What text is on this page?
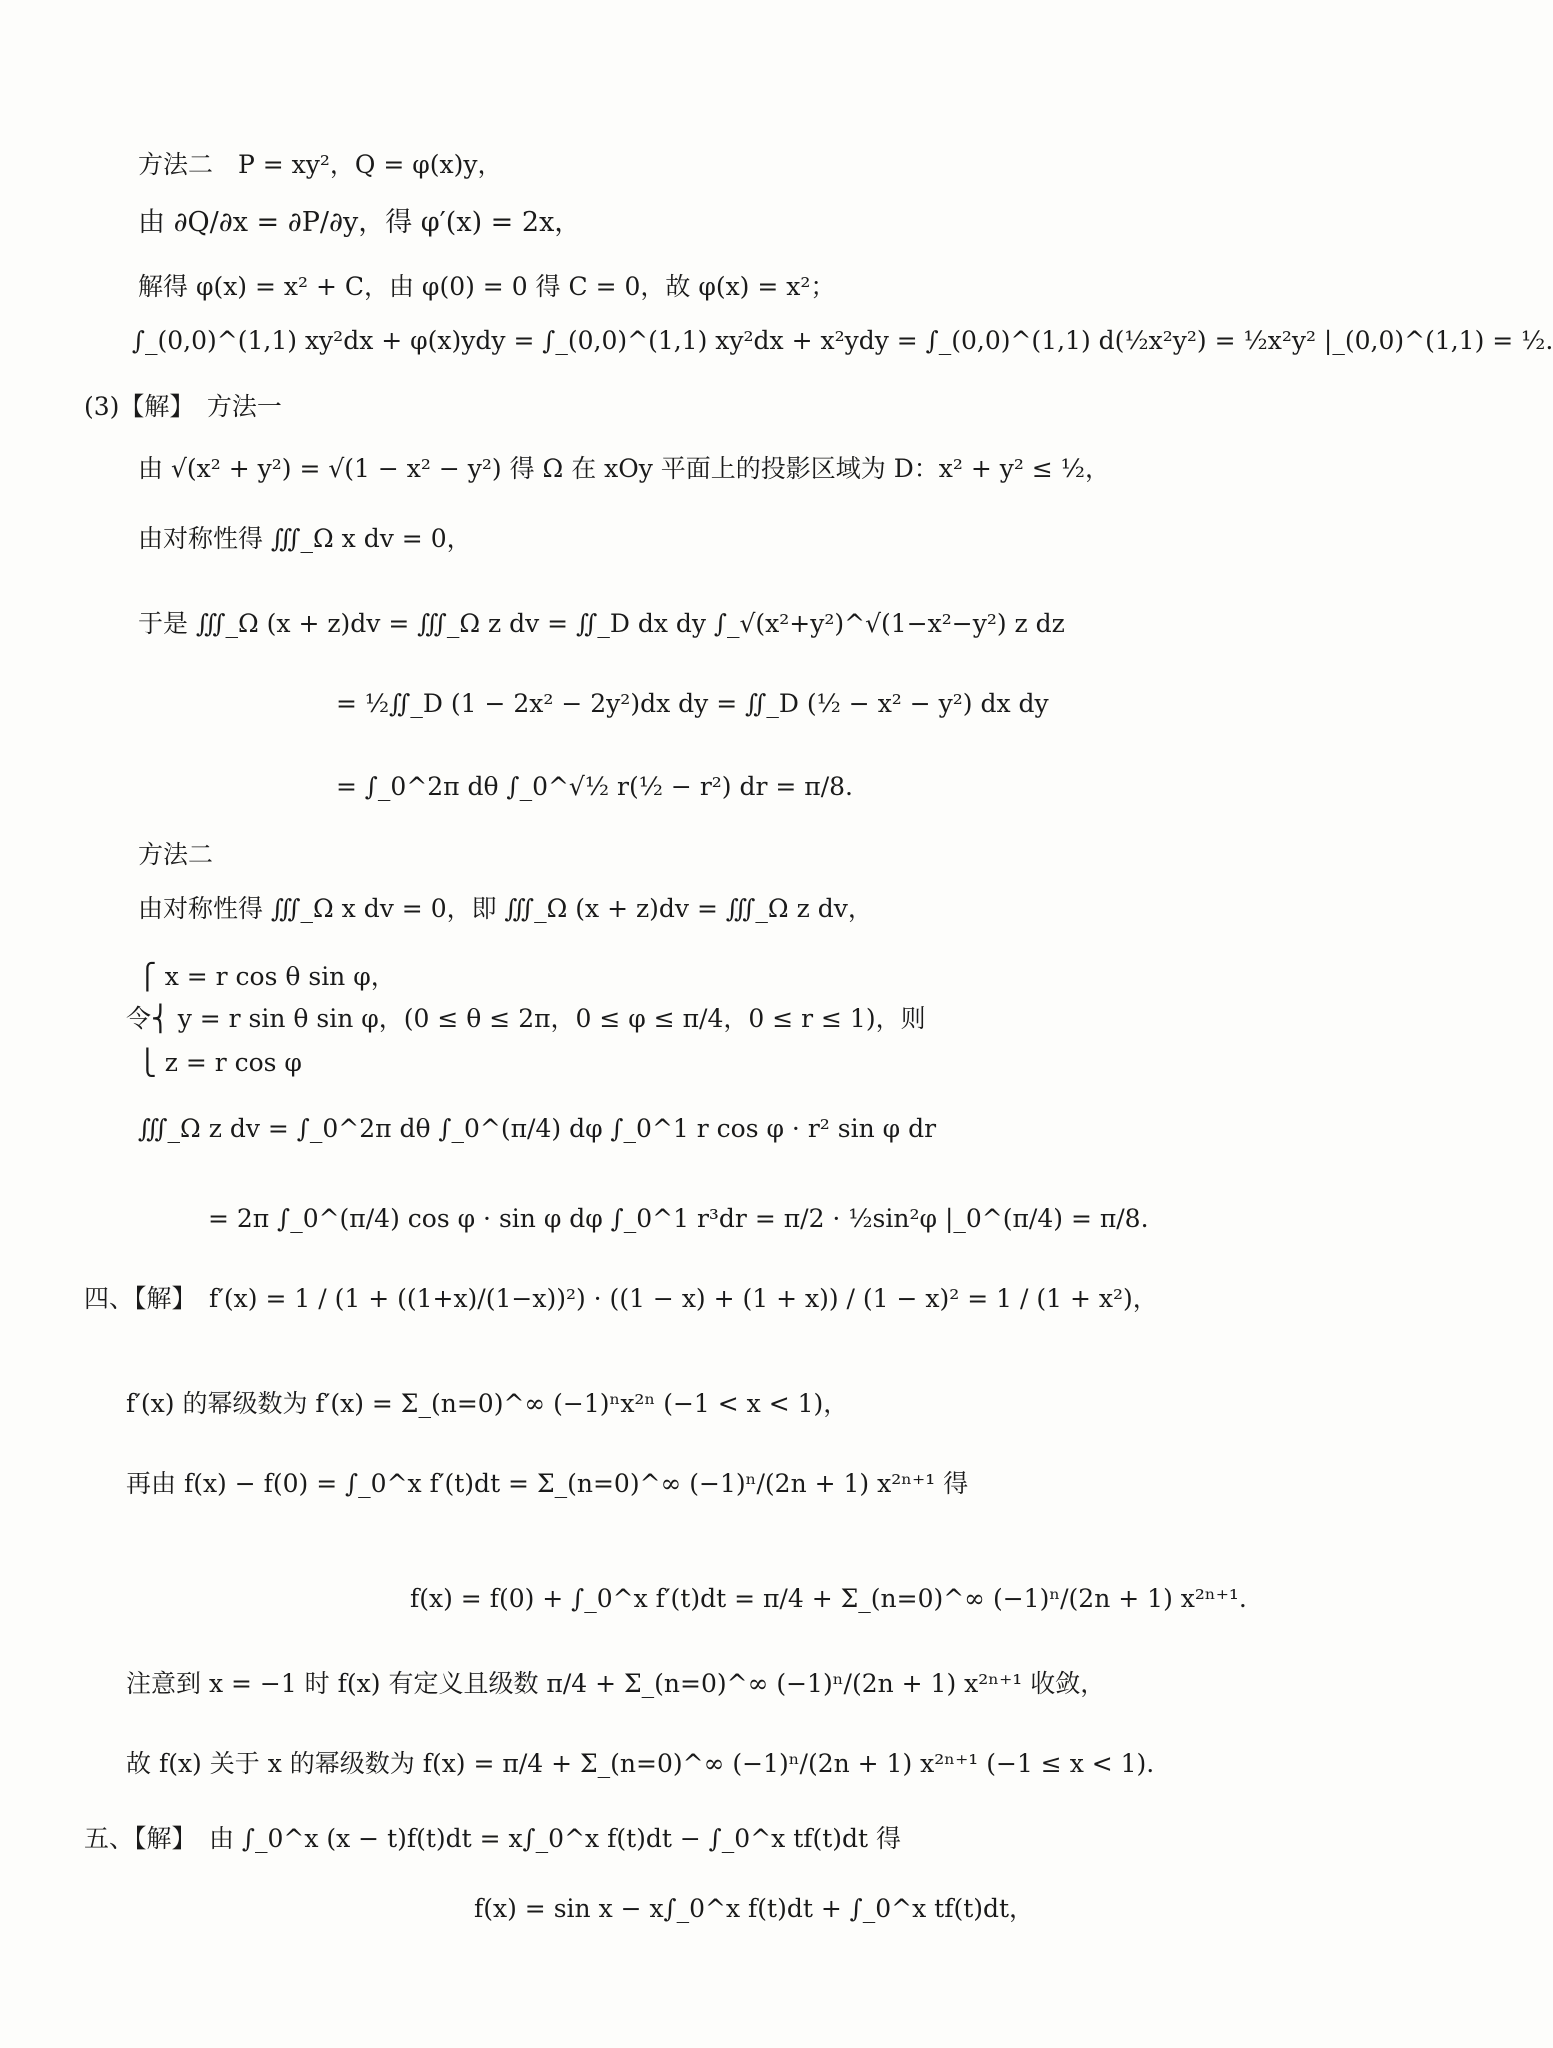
方法二　P = xy²，Q = φ(x)y，
由 ∂Q/∂x = ∂P/∂y，得 φ′(x) = 2x，
解得 φ(x) = x² + C，由 φ(0) = 0 得 C = 0，故 φ(x) = x²；
∫_(0,0)^(1,1) xy²dx + φ(x)ydy = ∫_(0,0)^(1,1) xy²dx + x²ydy = ∫_(0,0)^(1,1) d(½x²y²) = ½x²y² |_(0,0)^(1,1) = ½.
(3)【解】　方法一
由 √(x² + y²) = √(1 − x² − y²) 得 Ω 在 xOy 平面上的投影区域为 D：x² + y² ≤ ½，
由对称性得 ∭_Ω x dv = 0，
于是 ∭_Ω (x + z)dv = ∭_Ω z dv = ∬_D dx dy ∫_√(x²+y²)^√(1−x²−y²) z dz
= ½∬_D (1 − 2x² − 2y²)dx dy = ∬_D (½ − x² − y²) dx dy
= ∫_0^2π dθ ∫_0^√½ r(½ − r²) dr = π/8.
方法二
由对称性得 ∭_Ω x dv = 0，即 ∭_Ω (x + z)dv = ∭_Ω z dv，
⎧ x = r cos θ sin φ，
令⎨ y = r sin θ sin φ，(0 ≤ θ ≤ 2π，0 ≤ φ ≤ π/4，0 ≤ r ≤ 1)，则
⎩ z = r cos φ
∭_Ω z dv = ∫_0^2π dθ ∫_0^(π/4) dφ ∫_0^1 r cos φ · r² sin φ dr
= 2π ∫_0^(π/4) cos φ · sin φ dφ ∫_0^1 r³dr = π/2 · ½sin²φ |_0^(π/4) = π/8.
四、【解】　f′(x) = 1 / (1 + ((1+x)/(1−x))²) · ((1 − x) + (1 + x)) / (1 − x)² = 1 / (1 + x²)，
f′(x) 的幂级数为 f′(x) = Σ_(n=0)^∞ (−1)ⁿx²ⁿ (−1 < x < 1)，
再由 f(x) − f(0) = ∫_0^x f′(t)dt = Σ_(n=0)^∞ (−1)ⁿ/(2n + 1) x²ⁿ⁺¹ 得
f(x) = f(0) + ∫_0^x f′(t)dt = π/4 + Σ_(n=0)^∞ (−1)ⁿ/(2n + 1) x²ⁿ⁺¹.
注意到 x = −1 时 f(x) 有定义且级数 π/4 + Σ_(n=0)^∞ (−1)ⁿ/(2n + 1) x²ⁿ⁺¹ 收敛，
故 f(x) 关于 x 的幂级数为 f(x) = π/4 + Σ_(n=0)^∞ (−1)ⁿ/(2n + 1) x²ⁿ⁺¹ (−1 ≤ x < 1).
五、【解】　由 ∫_0^x (x − t)f(t)dt = x∫_0^x f(t)dt − ∫_0^x tf(t)dt 得
f(x) = sin x − x∫_0^x f(t)dt + ∫_0^x tf(t)dt，
